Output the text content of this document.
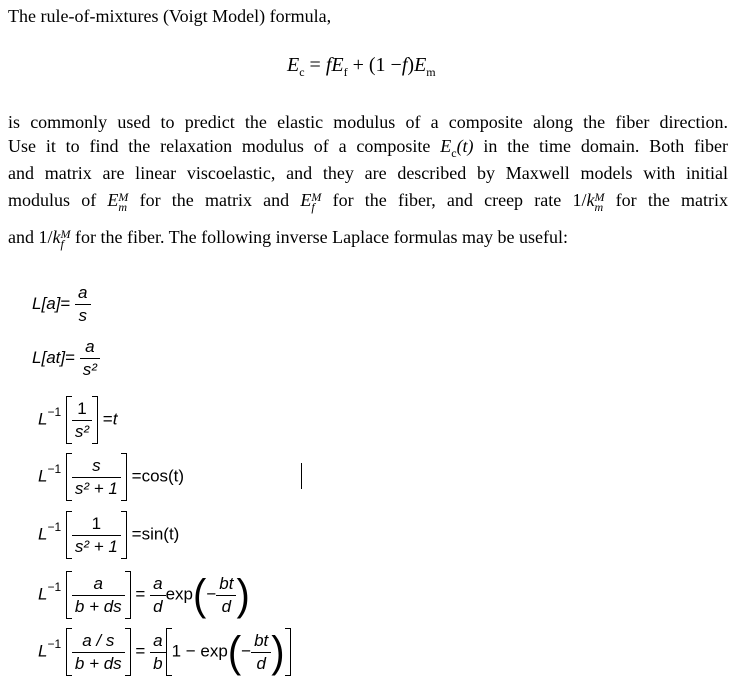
The rule-of-mixtures (Voigt Model) formula,
$E_c = fE_f + (1 -f)E_m$
is commonly used to predict the elastic modulus of a composite along the fiber direction.
Use it to find the relaxation modulus of a composite $E_c(t)$ in the time domain. Both fiber
and matrix are linear viscoelastic, and they are described by Maxwell models with initial
modulus of E M
m for the matrix and E M
f for the fiber, and creep rate 1/k M
m for the matrix
and 1/k M
f for the fiber. The following inverse Laplace formulas may be useful:
$L[a]= \frac{a}{s}$
$L[at]= \frac{a}{\text{s²}}$
$L^{-1} \frac{1}{\text{s²}} =t$
$L^{-1} \frac{s}{\text{s² + 1}} =\cos(t)$
$L^{-1} \frac{1}{\text{s² + 1}} =\sin(t)$
$L^{-1} \frac{a}{b + ds} = \frac{a}{d} \exp(- \frac{bt}{d}$ )
$L^{-1} \frac{a / s}{b + ds} = \frac{a}{b} 1 - \exp(- \frac{bt}{d}$ )
